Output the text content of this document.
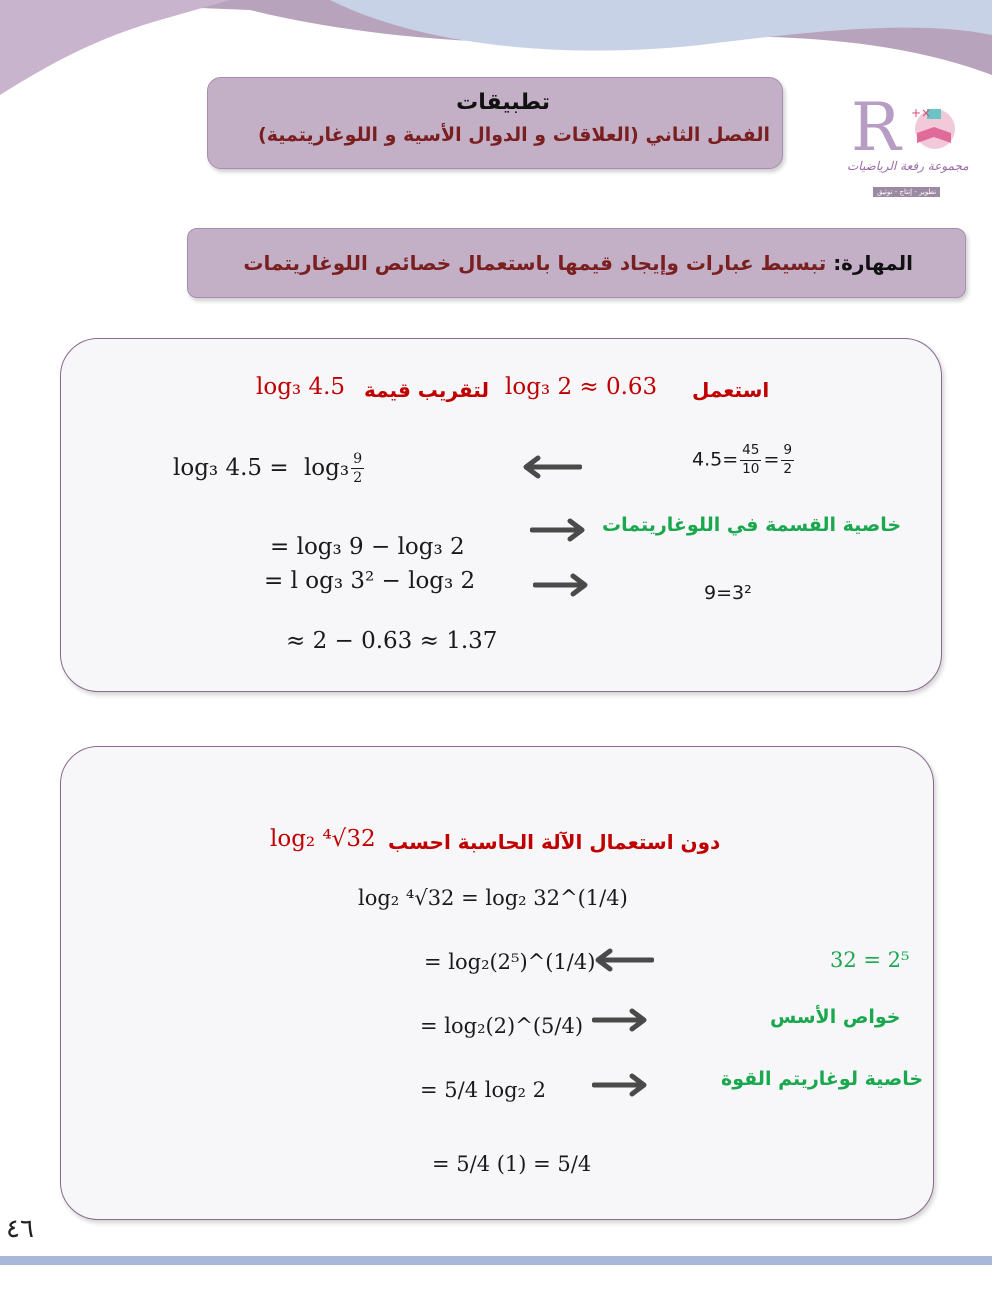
تطبيقات
الفصل الثاني (العلاقات و الدوال الأسية و اللوغاريتمية) R +×
مجموعة رفعة الرياضيات
تطوير - إنتاج - توثيق
المهارة: تبسيط عبارات وإيجاد قيمها باستعمال خصائص اللوغاريتمات
استعمل
log₃ 2 ≈ 0.63
لتقريب قيمة
log₃ 4.5
log₃ $4.5 = \log_3 \frac{9}{2}$	$4.5= \frac{45}{10} = \frac{9}{2}$
= log₃ 9 − log₃ 2
خاصية القسمة في اللوغاريتمات
= l og₃ 3² − log₃ 2	9=3²
≈ 2 − 0.63 ≈ 1.37
دون استعمال الآلة الحاسبة احسب
log₂ ⁴√32
log₂ ⁴√32 = log₂ 32^(1/4)
= log₂(2⁵)^(1/4)	32 = 2⁵
= log₂(2)^(5/4)	خواص الأسس
= 5/4 log₂ 2	خاصية لوغاريتم القوة
= 5/4 (1) = 5/4
٤٦
